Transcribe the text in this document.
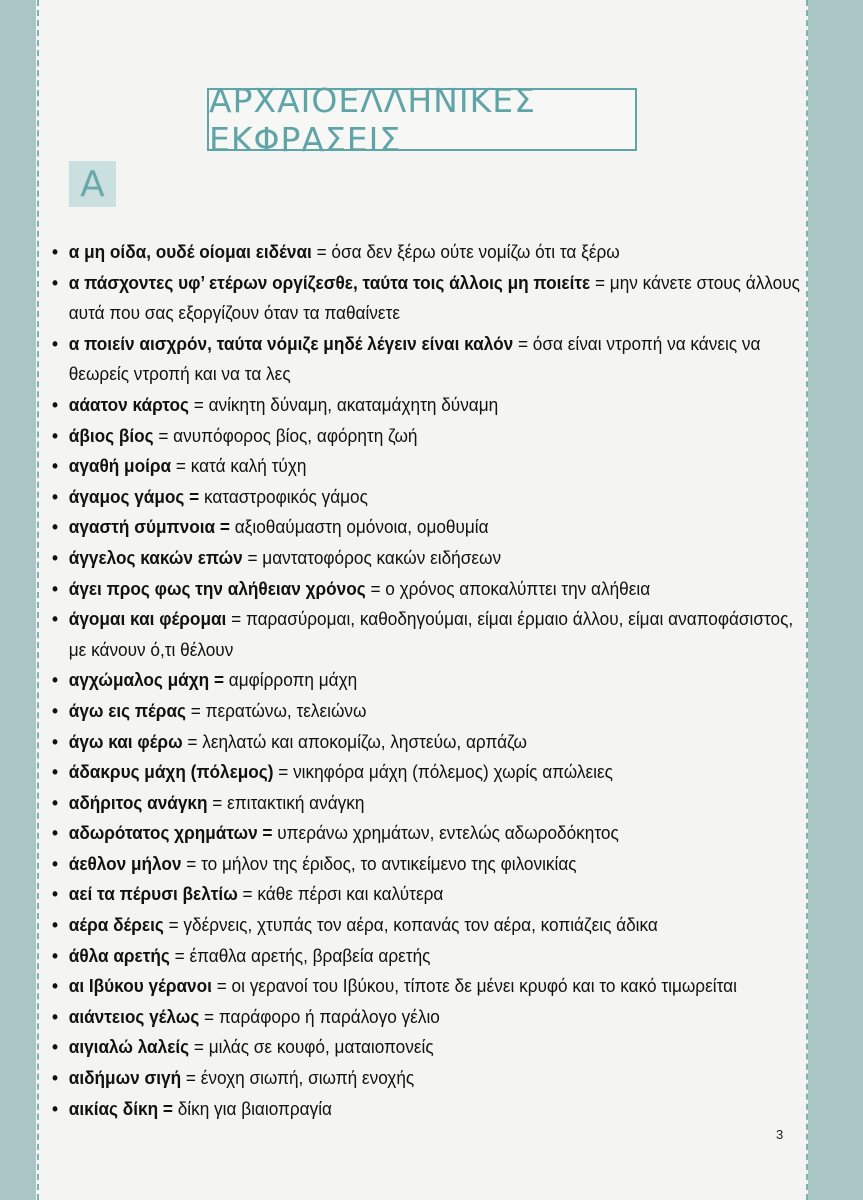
ΑΡΧΑΙΟΕΛΛΗΝΙΚΕΣ ΕΚΦΡΑΣΕΙΣ
Α
• α μη οίδα, ουδέ οίομαι ειδέναι = όσα δεν ξέρω ούτε νομίζω ότι τα ξέρω
• α πάσχοντες υφ’ ετέρων οργίζεσθε, ταύτα τοις άλλοις μη ποιείτε = μην κάνετε στους άλλους αυτά που σας εξοργίζουν όταν τα παθαίνετε
• α ποιείν αισχρόν, ταύτα νόμιζε μηδέ λέγειν είναι καλόν = όσα είναι ντροπή να κάνεις να θεωρείς ντροπή και να τα λες
• αάατον κάρτος = ανίκητη δύναμη, ακαταμάχητη δύναμη
• άβιος βίος = ανυπόφορος βίος, αφόρητη ζωή
• αγαθή μοίρα = κατά καλή τύχη
• άγαμος γάμος = καταστροφικός γάμος
• αγαστή σύμπνοια = αξιοθαύμαστη ομόνοια, ομοθυμία
• άγγελος κακών επών = μαντατοφόρος κακών ειδήσεων
• άγει προς φως την αλήθειαν χρόνος = ο χρόνος αποκαλύπτει την αλήθεια
• άγομαι και φέρομαι = παρασύρομαι, καθοδηγούμαι, είμαι έρμαιο άλλου, είμαι αναποφάσιστος, με κάνουν ό,τι θέλουν
• αγχώμαλος μάχη = αμφίρροπη μάχη
• άγω εις πέρας = περατώνω, τελειώνω
• άγω και φέρω = λεηλατώ και αποκομίζω, ληστεύω, αρπάζω
• άδακρυς μάχη (πόλεμος) = νικηφόρα μάχη (πόλεμος) χωρίς απώλειες
• αδήριτος ανάγκη = επιτακτική ανάγκη
• αδωρότατος χρημάτων = υπεράνω χρημάτων, εντελώς αδωροδόκητος
• άεθλον μήλον = το μήλον της έριδος, το αντικείμενο της φιλονικίας
• αεί τα πέρυσι βελτίω = κάθε πέρσι και καλύτερα
• αέρα δέρεις = γδέρνεις, χτυπάς τον αέρα, κοπανάς τον αέρα, κοπιάζεις άδικα
• άθλα αρετής = έπαθλα αρετής, βραβεία αρετής
• αι Ιβύκου γέρανοι = οι γερανοί του Ιβύκου, τίποτε δε μένει κρυφό και το κακό τιμωρείται
• αιάντειος γέλως = παράφορο ή παράλογο γέλιο
• αιγιαλώ λαλείς = μιλάς σε κουφό, ματαιοπονείς
• αιδήμων σιγή = ένοχη σιωπή, σιωπή ενοχής
• αικίας δίκη = δίκη για βιαιοπραγία
3
